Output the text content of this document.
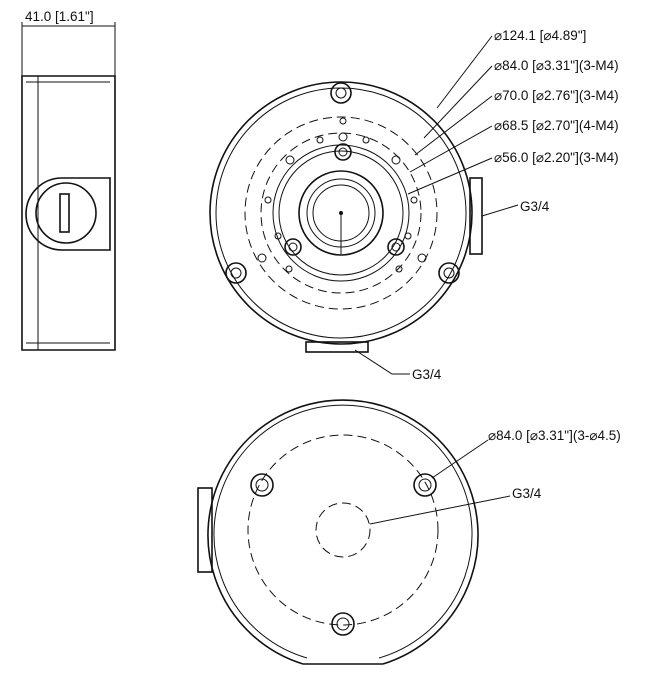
41.0 [1.61"]
⌀124.1 [⌀4.89"]
⌀84.0 [⌀3.31"](3-M4)
⌀70.0 [⌀2.76"](3-M4)
⌀68.5 [⌀2.70"](4-M4)
⌀56.0 [⌀2.20"](3-M4)
G3/4
G3/4
⌀84.0 [⌀3.31"](3-⌀4.5)
G3/4
